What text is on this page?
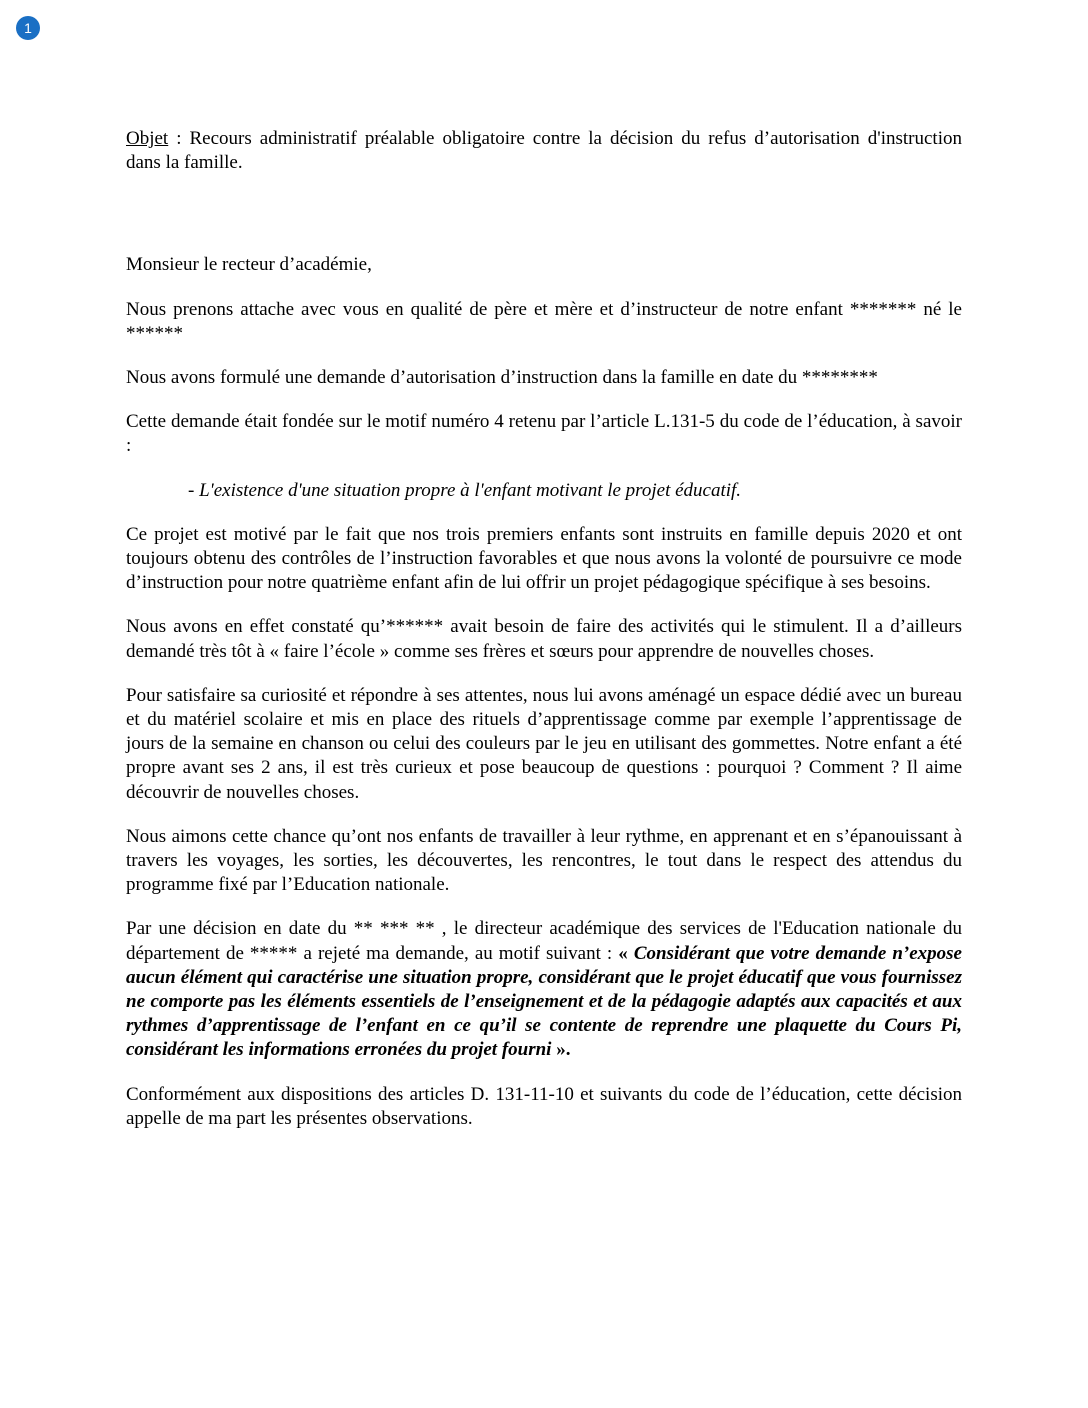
1

Objet : Recours administratif préalable obligatoire contre la décision du refus d’autorisation d'instruction dans la famille.

Monsieur le recteur d’académie,

Nous prenons attache avec vous en qualité de père et mère et d’instructeur de notre enfant ******* né le ******

Nous avons formulé une demande d’autorisation d’instruction dans la famille en date du ********

Cette demande était fondée sur le motif numéro 4 retenu par l’article L.131-5 du code de l’éducation, à savoir :

- L'existence d'une situation propre à l'enfant motivant le projet éducatif.

Ce projet est motivé par le fait que nos trois premiers enfants sont instruits en famille depuis 2020 et ont toujours obtenu des contrôles de l’instruction favorables et que nous avons la volonté de poursuivre ce mode d’instruction pour notre quatrième enfant afin de lui offrir un projet pédagogique spécifique à ses besoins.

Nous avons en effet constaté qu’****** avait besoin de faire des activités qui le stimulent. Il a d’ailleurs demandé très tôt à « faire l’école » comme ses frères et sœurs pour apprendre de nouvelles choses.

Pour satisfaire sa curiosité et répondre à ses attentes, nous lui avons aménagé un espace dédié avec un bureau et du matériel scolaire et mis en place des rituels d’apprentissage comme par exemple l’apprentissage de jours de la semaine en chanson ou celui des couleurs par le jeu en utilisant des gommettes. Notre enfant a été propre avant ses 2 ans, il est très curieux et pose beaucoup de questions : pourquoi ? Comment ? Il aime découvrir de nouvelles choses.

Nous aimons cette chance qu’ont nos enfants de travailler à leur rythme, en apprenant et en s’épanouissant à travers les voyages, les sorties, les découvertes, les rencontres, le tout dans le respect des attendus du programme fixé par l’Education nationale.

Par une décision en date du ** *** ** , le directeur académique des services de l'Education nationale du département de ***** a rejeté ma demande, au motif suivant : « Considérant que votre demande n’expose aucun élément qui caractérise une situation propre, considérant que le projet éducatif que vous fournissez ne comporte pas les éléments essentiels de l’enseignement et de la pédagogie adaptés aux capacités et aux rythmes d’apprentissage de l’enfant en ce qu’il se contente de reprendre une plaquette du Cours Pi, considérant les informations erronées du projet fourni ».

Conformément aux dispositions des articles D. 131-11-10 et suivants du code de l’éducation, cette décision appelle de ma part les présentes observations.
